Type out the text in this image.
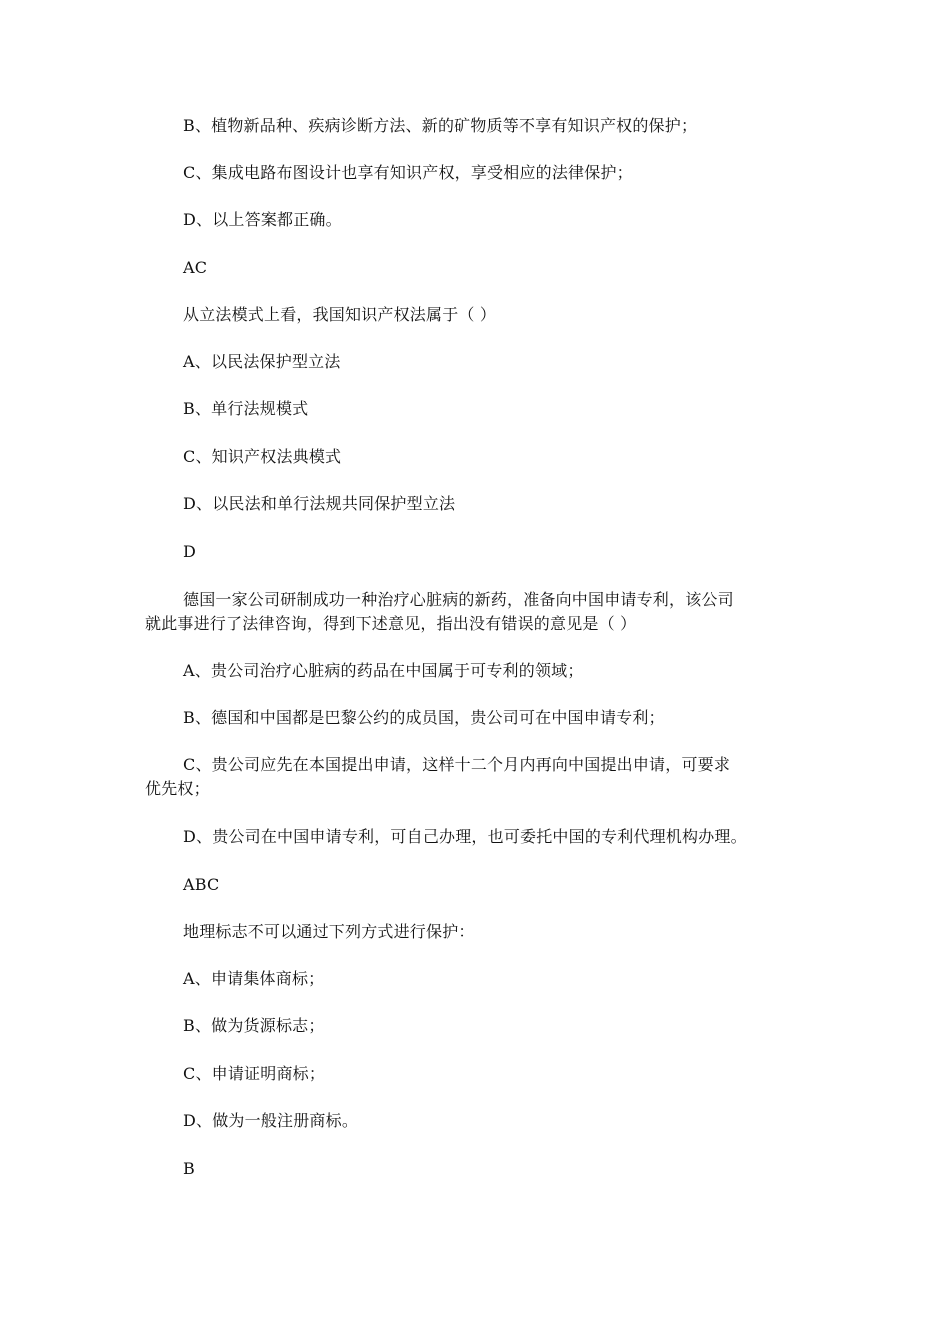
B、植物新品种、疾病诊断方法、新的矿物质等不享有知识产权的保护；
C、集成电路布图设计也享有知识产权，享受相应的法律保护；
D、以上答案都正确。
AC
从立法模式上看，我国知识产权法属于（ ）
A、以民法保护型立法
B、单行法规模式
C、知识产权法典模式
D、以民法和单行法规共同保护型立法
D
德国一家公司研制成功一种治疗心脏病的新药，准备向中国申请专利，该公司
就此事进行了法律咨询，得到下述意见，指出没有错误的意见是（ ）
A、贵公司治疗心脏病的药品在中国属于可专利的领域；
B、德国和中国都是巴黎公约的成员国，贵公司可在中国申请专利；
C、贵公司应先在本国提出申请，这样十二个月内再向中国提出申请，可要求
优先权；
D、贵公司在中国申请专利，可自己办理，也可委托中国的专利代理机构办理。
ABC
地理标志不可以通过下列方式进行保护：
A、申请集体商标；
B、做为货源标志；
C、申请证明商标；
D、做为一般注册商标。
B
